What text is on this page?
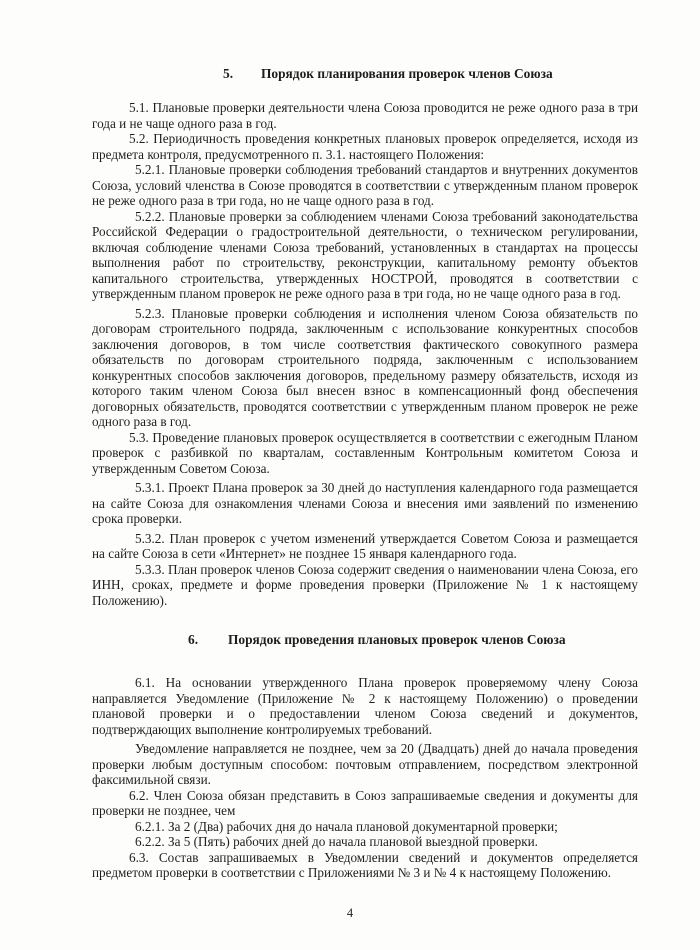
5. Порядок планирования проверок членов Союза

5.1. Плановые проверки деятельности члена Союза проводится не реже одного раза в три года и не чаще одного раза в год.

5.2. Периодичность проведения конкретных плановых проверок определяется, исходя из предмета контроля, предусмотренного п. 3.1. настоящего Положения:

5.2.1. Плановые проверки соблюдения требований стандартов и внутренних документов Союза, условий членства в Союзе проводятся в соответствии с утвержденным планом проверок не реже одного раза в три года, но не чаще одного раза в год.

5.2.2. Плановые проверки за соблюдением членами Союза требований законодательства Российской Федерации о градостроительной деятельности, о техническом регулировании, включая соблюдение членами Союза требований, установленных в стандартах на процессы выполнения работ по строительству, реконструкции, капитальному ремонту объектов капитального строительства, утвержденных НОСТРОЙ, проводятся в соответствии с утвержденным планом проверок не реже одного раза в три года, но не чаще одного раза в год.

5.2.3. Плановые проверки соблюдения и исполнения членом Союза обязательств по договорам строительного подряда, заключенным с использование конкурентных способов заключения договоров, в том числе соответствия фактического совокупного размера обязательств по договорам строительного подряда, заключенным с использованием конкурентных способов заключения договоров, предельному размеру обязательств, исходя из которого таким членом Союза был внесен взнос в компенсационный фонд обеспечения договорных обязательств, проводятся соответствии с утвержденным планом проверок не реже одного раза в год.

5.3. Проведение плановых проверок осуществляется в соответствии с ежегодным Планом проверок с разбивкой по кварталам, составленным Контрольным комитетом Союза и утвержденным Советом Союза.

5.3.1. Проект Плана проверок за 30 дней до наступления календарного года размещается на сайте Союза для ознакомления членами Союза и внесения ими заявлений по изменению срока проверки.

5.3.2. План проверок с учетом изменений утверждается Советом Союза и размещается на сайте Союза в сети «Интернет» не позднее 15 января календарного года.

5.3.3. План проверок членов Союза содержит сведения о наименовании члена Союза, его ИНН, сроках, предмете и форме проведения проверки (Приложение № 1 к настоящему Положению).

6. Порядок проведения плановых проверок членов Союза

6.1. На основании утвержденного Плана проверок проверяемому члену Союза направляется Уведомление (Приложение № 2 к настоящему Положению) о проведении плановой проверки и о предоставлении членом Союза сведений и документов, подтверждающих выполнение контролируемых требований.

Уведомление направляется не позднее, чем за 20 (Двадцать) дней до начала проведения проверки любым доступным способом: почтовым отправлением, посредством электронной факсимильной связи.

6.2. Член Союза обязан представить в Союз запрашиваемые сведения и документы для проверки не позднее, чем

6.2.1. За 2 (Два) рабочих дня до начала плановой документарной проверки;

6.2.2. За 5 (Пять) рабочих дней до начала плановой выездной проверки.

6.3. Состав запрашиваемых в Уведомлении сведений и документов определяется предметом проверки в соответствии с Приложениями № 3 и № 4 к настоящему Положению.

4
